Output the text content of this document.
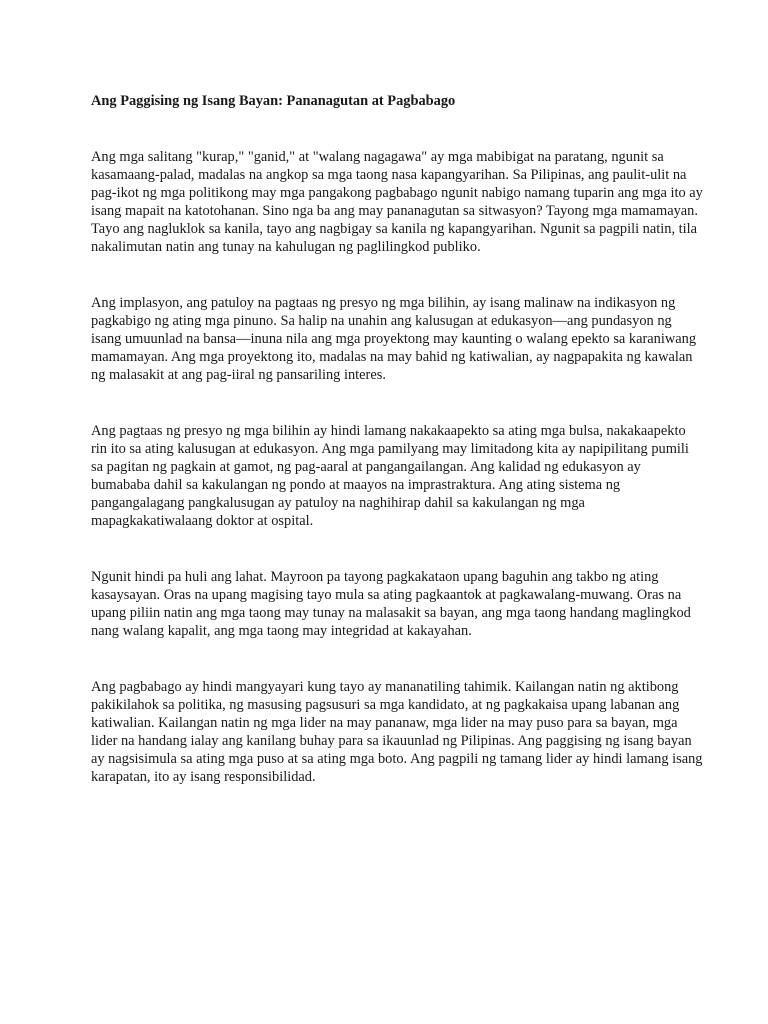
Ang Paggising ng Isang Bayan: Pananagutan at Pagbabago

Ang mga salitang "kurap," "ganid," at "walang nagagawa" ay mga mabibigat na paratang, ngunit sa
kasamaang-palad, madalas na angkop sa mga taong nasa kapangyarihan. Sa Pilipinas, ang paulit-ulit na
pag-ikot ng mga politikong may mga pangakong pagbabago ngunit nabigo namang tuparin ang mga ito ay
isang mapait na katotohanan. Sino nga ba ang may pananagutan sa sitwasyon? Tayong mga mamamayan.
Tayo ang nagluklok sa kanila, tayo ang nagbigay sa kanila ng kapangyarihan. Ngunit sa pagpili natin, tila
nakalimutan natin ang tunay na kahulugan ng paglilingkod publiko.
Ang implasyon, ang patuloy na pagtaas ng presyo ng mga bilihin, ay isang malinaw na indikasyon ng
pagkabigo ng ating mga pinuno. Sa halip na unahin ang kalusugan at edukasyon—ang pundasyon ng
isang umuunlad na bansa—inuna nila ang mga proyektong may kaunting o walang epekto sa karaniwang
mamamayan. Ang mga proyektong ito, madalas na may bahid ng katiwalian, ay nagpapakita ng kawalan
ng malasakit at ang pag-iiral ng pansariling interes.
Ang pagtaas ng presyo ng mga bilihin ay hindi lamang nakakaapekto sa ating mga bulsa, nakakaapekto
rin ito sa ating kalusugan at edukasyon. Ang mga pamilyang may limitadong kita ay napipilitang pumili
sa pagitan ng pagkain at gamot, ng pag-aaral at pangangailangan. Ang kalidad ng edukasyon ay
bumababa dahil sa kakulangan ng pondo at maayos na imprastraktura. Ang ating sistema ng
pangangalagang pangkalusugan ay patuloy na naghihirap dahil sa kakulangan ng mga
mapagkakatiwalaang doktor at ospital.
Ngunit hindi pa huli ang lahat. Mayroon pa tayong pagkakataon upang baguhin ang takbo ng ating
kasaysayan. Oras na upang magising tayo mula sa ating pagkaantok at pagkawalang-muwang. Oras na
upang piliin natin ang mga taong may tunay na malasakit sa bayan, ang mga taong handang maglingkod
nang walang kapalit, ang mga taong may integridad at kakayahan.
Ang pagbabago ay hindi mangyayari kung tayo ay mananatiling tahimik. Kailangan natin ng aktibong
pakikilahok sa politika, ng masusing pagsusuri sa mga kandidato, at ng pagkakaisa upang labanan ang
katiwalian. Kailangan natin ng mga lider na may pananaw, mga lider na may puso para sa bayan, mga
lider na handang ialay ang kanilang buhay para sa ikauunlad ng Pilipinas. Ang paggising ng isang bayan
ay nagsisimula sa ating mga puso at sa ating mga boto. Ang pagpili ng tamang lider ay hindi lamang isang
karapatan, ito ay isang responsibilidad.
